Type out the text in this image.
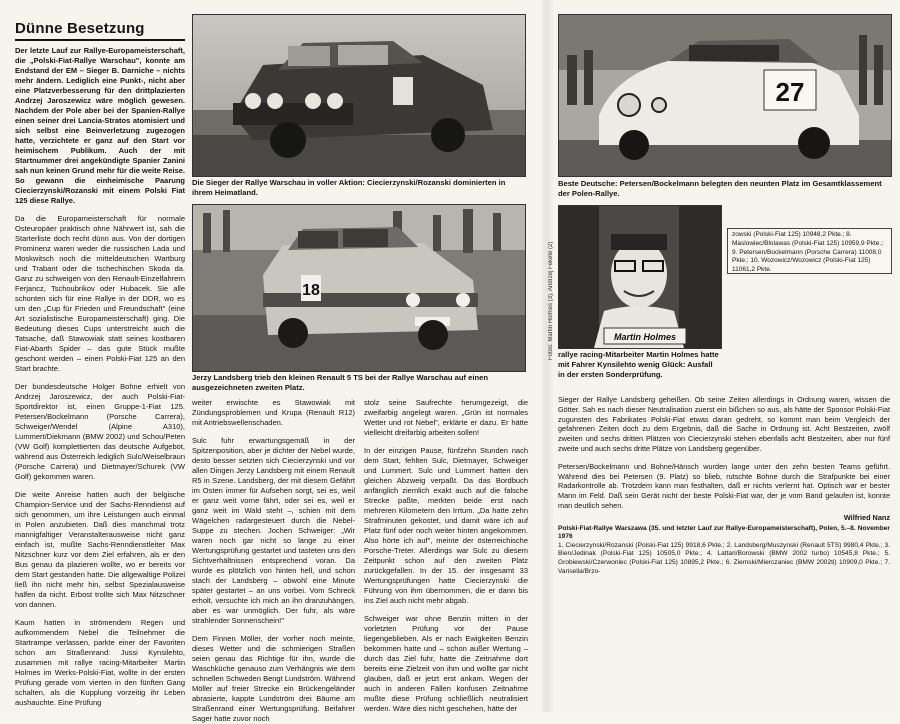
Dünne Besetzung

Der letzte Lauf zur Rallye-Europameisterschaft, die „Polski-Fiat-Rallye Warschau", konnte am Endstand der EM – Sieger B. Darniche – nichts mehr ändern. Lediglich eine Punkt-, nicht aber eine Platzverbesserung für den drittplazierten Andrzej Jaroszewicz wäre möglich gewesen. Nachdem der Pole aber bei der Spanien-Rallye einen seiner drei Lancia-Stratos atomisiert und sich selbst eine Beinverletzung zugezogen hatte, verzichtete er ganz auf den Start vor heimischem Publikum. Auch der mit Startnummer drei angekündigte Spanier Zanini sah nun keinen Grund mehr für die weite Reise. So gewann die einheimische Paarung Ciecierzynski/Rozanski mit einem Polski Fiat 125 diese Rallye.

Da die Europameisterschaft für normale Osteuropäer praktisch ohne Nährwert ist, sah die Starterliste doch recht dünn aus. Von der dortigen Prominenz waren weder die russischen Lada und Moskwitsch noch die mitteldeutschen Wartburg und Trabant oder die tschechischen Skoda da. Ganz zu schweigen von den Renault-Einzelfahrern Ferjancz, Tschoubrikov oder Hubacek. Sie alle schonten sich für eine Rallye in der DDR, wo es um den „Cup für Frieden und Freundschaft" (eine Art sozialistische Europameisterschaft) ging. Die Bedeutung dieses Cups unterstreicht auch die Tatsache, daß Stawowiak statt seines kostbaren Fiat-Abarth Spider – das gute Stück mußte geschont werden – einen Polski-Fiat 125 an den Start brachte.

Der bundesdeutsche Holger Bohne erhielt von Andrzej Jaroszewicz, der auch Polski-Fiat-Sportdirektor ist, einen Gruppe-1-Fiat 125. Petersen/Bockelmann (Porsche Carrera), Schweiger/Wendel (Alpine A310), Lummert/Diekmann (BMW 2002) und Schou/Peten (VW Golf) komplettierten das deutsche Aufgebot, während aus Österreich lediglich Sulc/Weiselbraun (Porsche Carrera) und Dietmayer/Schurek (VW Golf) gekommen waren.

Die weite Anreise hatten auch der belgische Champion-Service und der Sachs-Renndienst auf sich genommen, um ihre Leistungen auch einmal in Polen anzubieten. Daß dies manchmal trotz mannigfaltiger Veranstalterausweise nicht ganz einfach ist, mußte Sachs-Renndienstleiter Max Nitzschner kurz vor dem Ziel erfahren, als er den Bus genau da plazieren wollte, wo er bereits vor dem Start gestanden hatte. Die allgewaltige Polizei ließ ihn nicht mehr hin, selbst Spezialausweise halfen da nicht. Erbost trollte sich Max Nitzschner von dannen.

Kaum hatten in strömendem Regen und aufkommendem Nebel die Teilnehmer die Startrampe verlassen, parkte einer der Favoriten schon am Straßenrand: Jussi Kynsilehto, zusammen mit rallye racing-Mitarbeiter Martin Holmes im Werks-Polski-Fiat, wollte in der ersten Prüfung gerade vom vierten in den fünften Gang schalten, als die Kupplung vorzeitig ihr Leben aushauchte. Eine Prüfung

Die Sieger der Rallye Warschau in voller Aktion: Ciecierzynski/Rozanski dominierten in ihrem Heimatland.
18
Jerzy Landsberg trieb den kleinen Renault 5 TS bei der Rallye Warschau auf einen ausgezeichneten zweiten Platz.

weiter erwischte es Stawowiak mit Zündungsproblemen und Krupa (Renault R12) mit Antriebswellenschaden.

Sulc fuhr erwartungsgemäß in der Spitzenposition, aber je dichter der Nebel wurde, desto besser setzten sich Ciecierzynski und vor allen Dingen Jerzy Landsberg mit einem Renault R5 in Szene. Landsberg, der mit diesem Gefährt im Osten immer für Aufsehen sorgt, sei es, weil er ganz weit vorne fährt, oder sei es, weil er ganz weit im Wald steht –, schien mit dem Wägelchen radargesteuert durch die Nebel-Suppe zu stechen. Jochen Schweiger: „Wir waren noch gar nicht so lange zu einer Wertungsprüfung gestartet und tasteten uns den Sichtverhältnissen entsprechend voran. Da wurde es plötzlich von hinten hell, und schon stach der Landsberg – obwohl eine Minute später gestartet – an uns vorbei. Vom Schreck erholt, versuchte ich mich an ihn dranzuhängen, aber es war unmöglich. Der fuhr, als wäre strahlender Sonnenschein!"

Dem Finnen Möller, der vorher noch meinte, dieses Wetter und die schmierigen Straßen seien genau das Richtige für ihn, wurde die Waschküche genauso zum Verhängnis wie dem schnellen Schweden Bengt Lundström. Während Möller auf freier Strecke ein Brückengeländer abrasierte, kappte Lundström drei Bäume am Straßenrand einer Wertungsprüfung. Beifahrer Sager hatte zuvor noch

stolz seine Saufrechte herumgezeigt, die zweifarbig angelegt waren. „Grün ist normales Wetter und rot Nebel", erklärte er dazu. Er hätte vielleicht dreifarbig arbeiten sollen!

In der einzigen Pause, fünfzehn Stunden nach dem Start, fehlten Sulc, Dietmayer, Schweiger und Lummert. Sulc und Lummert hatten den gleichen Abzweig verpaßt. Da das Bordbuch anfänglich ziemlich exakt auch auf die falsche Strecke paßte, merkten beide erst nach mehreren Kilometern den Irrtum. „Da hatte zehn Strafminuten gekostet, und damit wäre ich auf Platz fünf oder noch weiter hinten angekommen. Also hörte ich auf", meinte der österreichische Porsche-Treter. Allerdings war Sulc zu diesem Zeitpunkt schon auf den zweiten Platz zurückgefallen. In der 15. der insgesamt 33 Wertungsprüfungen hatte Ciecierzynski die Führung von ihm übernommen, die er dann bis ins Ziel auch nicht mehr abgab.

Schweiger war ohne Benzin mitten in der vorletzten Prüfung vor der Pause liegengeblieben. Als er nach Ewigkeiten Benzin bekommen hatte und – schon außer Wertung – durch das Ziel fuhr, hatte die Zeitnahme dort bereits eine Zielzeit von ihm und wollte gar nicht glauben, daß er jetzt erst ankam. Wegen der auch in anderen Fällen konfusen Zeitnahme mußte diese Prüfung schließlich neutralisiert werden. Wäre dies nicht geschehen, hätte der

27
Beste Deutsche: Petersen/Bockelmann belegten den neunten Platz im Gesamtklassement der Polen-Rallye.
Martin Holmes
Fotos: Martin Holmes (3), Andrzej Fekete (2) rallye racing-Mitarbeiter Martin Holmes hatte mit Fahrer Kynsilehto wenig Glück: Ausfall in der ersten Sonderprüfung.
zowski (Polski-Fiat 125) 10948,2 Pkte.; 8. Maslowiec/Blolawas (Polski-Fiat 125) 10959,9 Pkte.; 9. Petersen/Bockelmann (Porsche Carrera) 11008,0 Pkte.; 10. Wozowicz/Wozowicz (Polski-Fiat 125) 11061,2 Pkte.

Sieger der Rallye Landsberg geheißen. Ob seine Zeiten allerdings in Ordnung waren, wissen die Götter. Sah es nach dieser Neutralisation zuerst ein bißchen so aus, als hätte der Sponsor Polski-Fiat zugunsten des Fabrikates Polski-Fiat etwas daran gedreht, so kommt man beim Vergleich der gefahrenen Zeiten doch zu dem Ergebnis, daß die Sache in Ordnung ist. Acht Bestzeiten, zwölf zweiten und sechs dritten Plätzen von Ciecierzynski stehen ebenfalls acht Bestzeiten, aber nur fünf zweite und auch sechs dritte Plätze von Landsberg gegenüber.

Petersen/Bockelmann und Bohne/Hänsch wurden lange unter den zehn besten Teams geführt. Während dies bei Petersen (9. Platz) so blieb, rutschte Bohne durch die Strafpunkte bei einer Radarkontrolle ab. Trotzdem kann man festhalten, daß er nichts verlernt hat. Optisch war er bester Mann im Feld. Daß sein Gerät nicht der beste Polski-Fiat war, der je vom Band gelaufen ist, konnte man deutlich sehen.

Wilfried Nanz
Polski-Fiat-Rallye Warszawa (35. und letzter Lauf zur Rallye-Europameisterschaft), Polen, 5.–8. November 1976
1. Ciecierzynski/Rozanski (Polski-Fiat 125) 9918,6 Pkte.; 2. Landsberg/Muszynski (Renault 5TS) 9980,4 Pkte.; 3. Bien/Jedinak (Polski-Fiat 125) 10505,0 Pkte.; 4. Lattari/Borowski (BMW 2002 turbo) 10545,8 Pkte.; 5. Grobiewski/Czerwonlec (Polski-Fiat 125) 10895,2 Pkte.; 6. Ziemski/Mierczaniec (BMW 2002ti) 10909,0 Pkte.; 7. Varisella/Brzo-
